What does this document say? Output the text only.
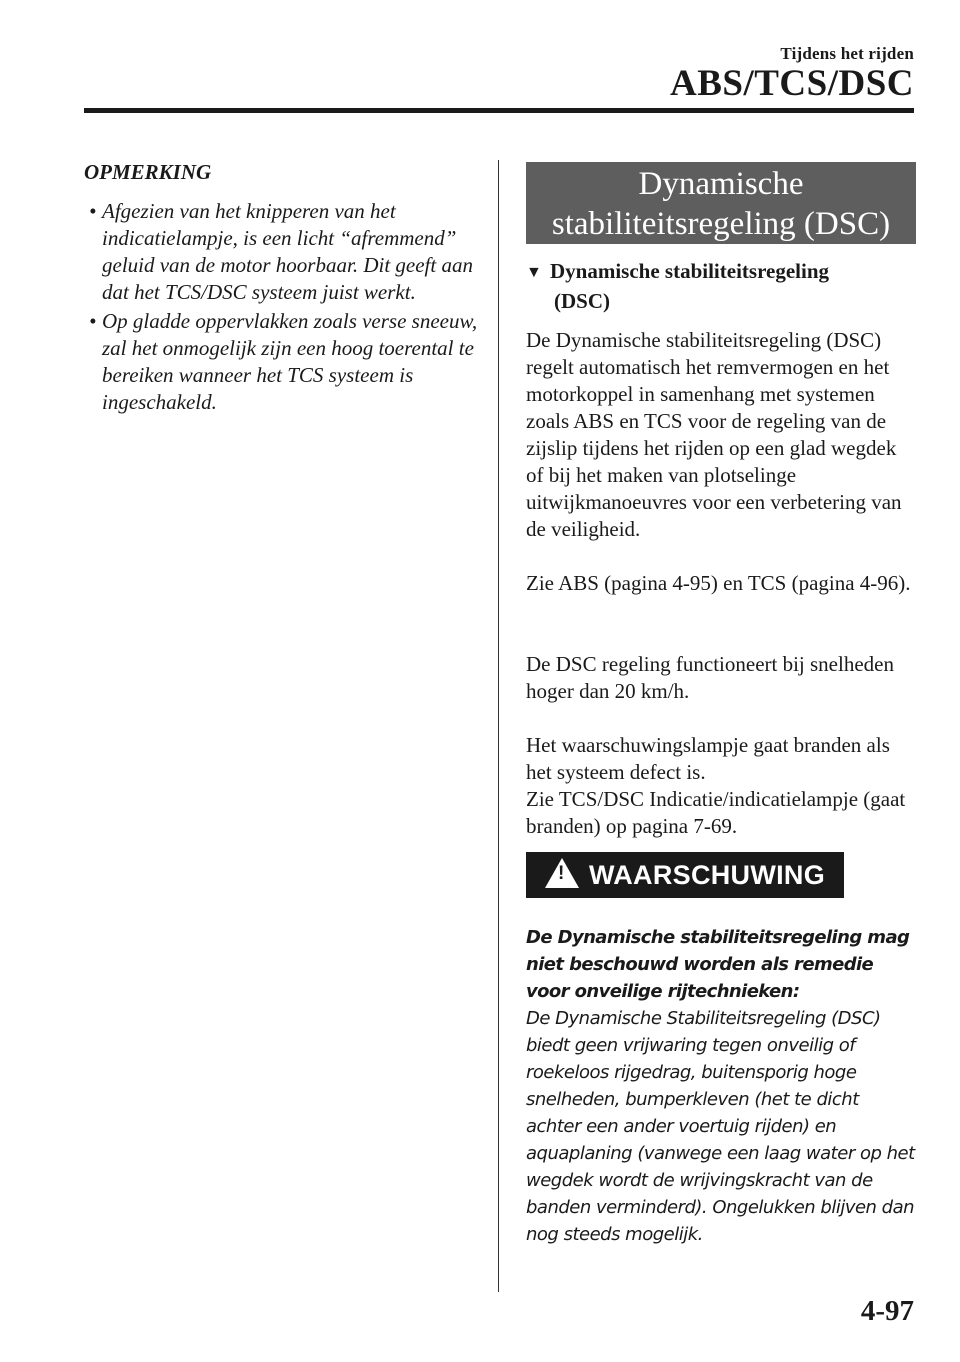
Tijdens het rijden
ABS/TCS/DSC
OPMERKING
• Afgezien van het knipperen van het indicatielampje, is een licht “afremmend” geluid van de motor hoorbaar. Dit geeft aan dat het TCS/DSC systeem juist werkt.
• Op gladde oppervlakken zoals verse sneeuw, zal het onmogelijk zijn een hoog toerental te bereiken wanneer het TCS systeem is ingeschakeld.
Dynamische
stabiliteitsregeling (DSC)
▼ Dynamische stabiliteitsregeling
(DSC)
De Dynamische stabiliteitsregeling (DSC) regelt automatisch het remvermogen en het motorkoppel in samenhang met systemen zoals ABS en TCS voor de regeling van de zijslip tijdens het rijden op een glad wegdek of bij het maken van plotselinge uitwijkmanoeuvres voor een verbetering van de veiligheid.
Zie ABS (pagina 4-95) en TCS (pagina 4-96).
De DSC regeling functioneert bij snelheden hoger dan 20 km/h.
Het waarschuwingslampje gaat branden als het systeem defect is.
Zie TCS/DSC Indicatie/indicatielampje (gaat branden) op pagina 7-69.
!
WAARSCHUWING
De Dynamische stabiliteitsregeling mag niet beschouwd worden als remedie voor onveilige rijtechnieken:
De Dynamische Stabiliteitsregeling (DSC) biedt geen vrijwaring tegen onveilig of roekeloos rijgedrag, buitensporig hoge snelheden, bumperkleven (het te dicht achter een ander voertuig rijden) en aquaplaning (vanwege een laag water op het wegdek wordt de wrijvingskracht van de banden verminderd). Ongelukken blijven dan nog steeds mogelijk.
4-97
